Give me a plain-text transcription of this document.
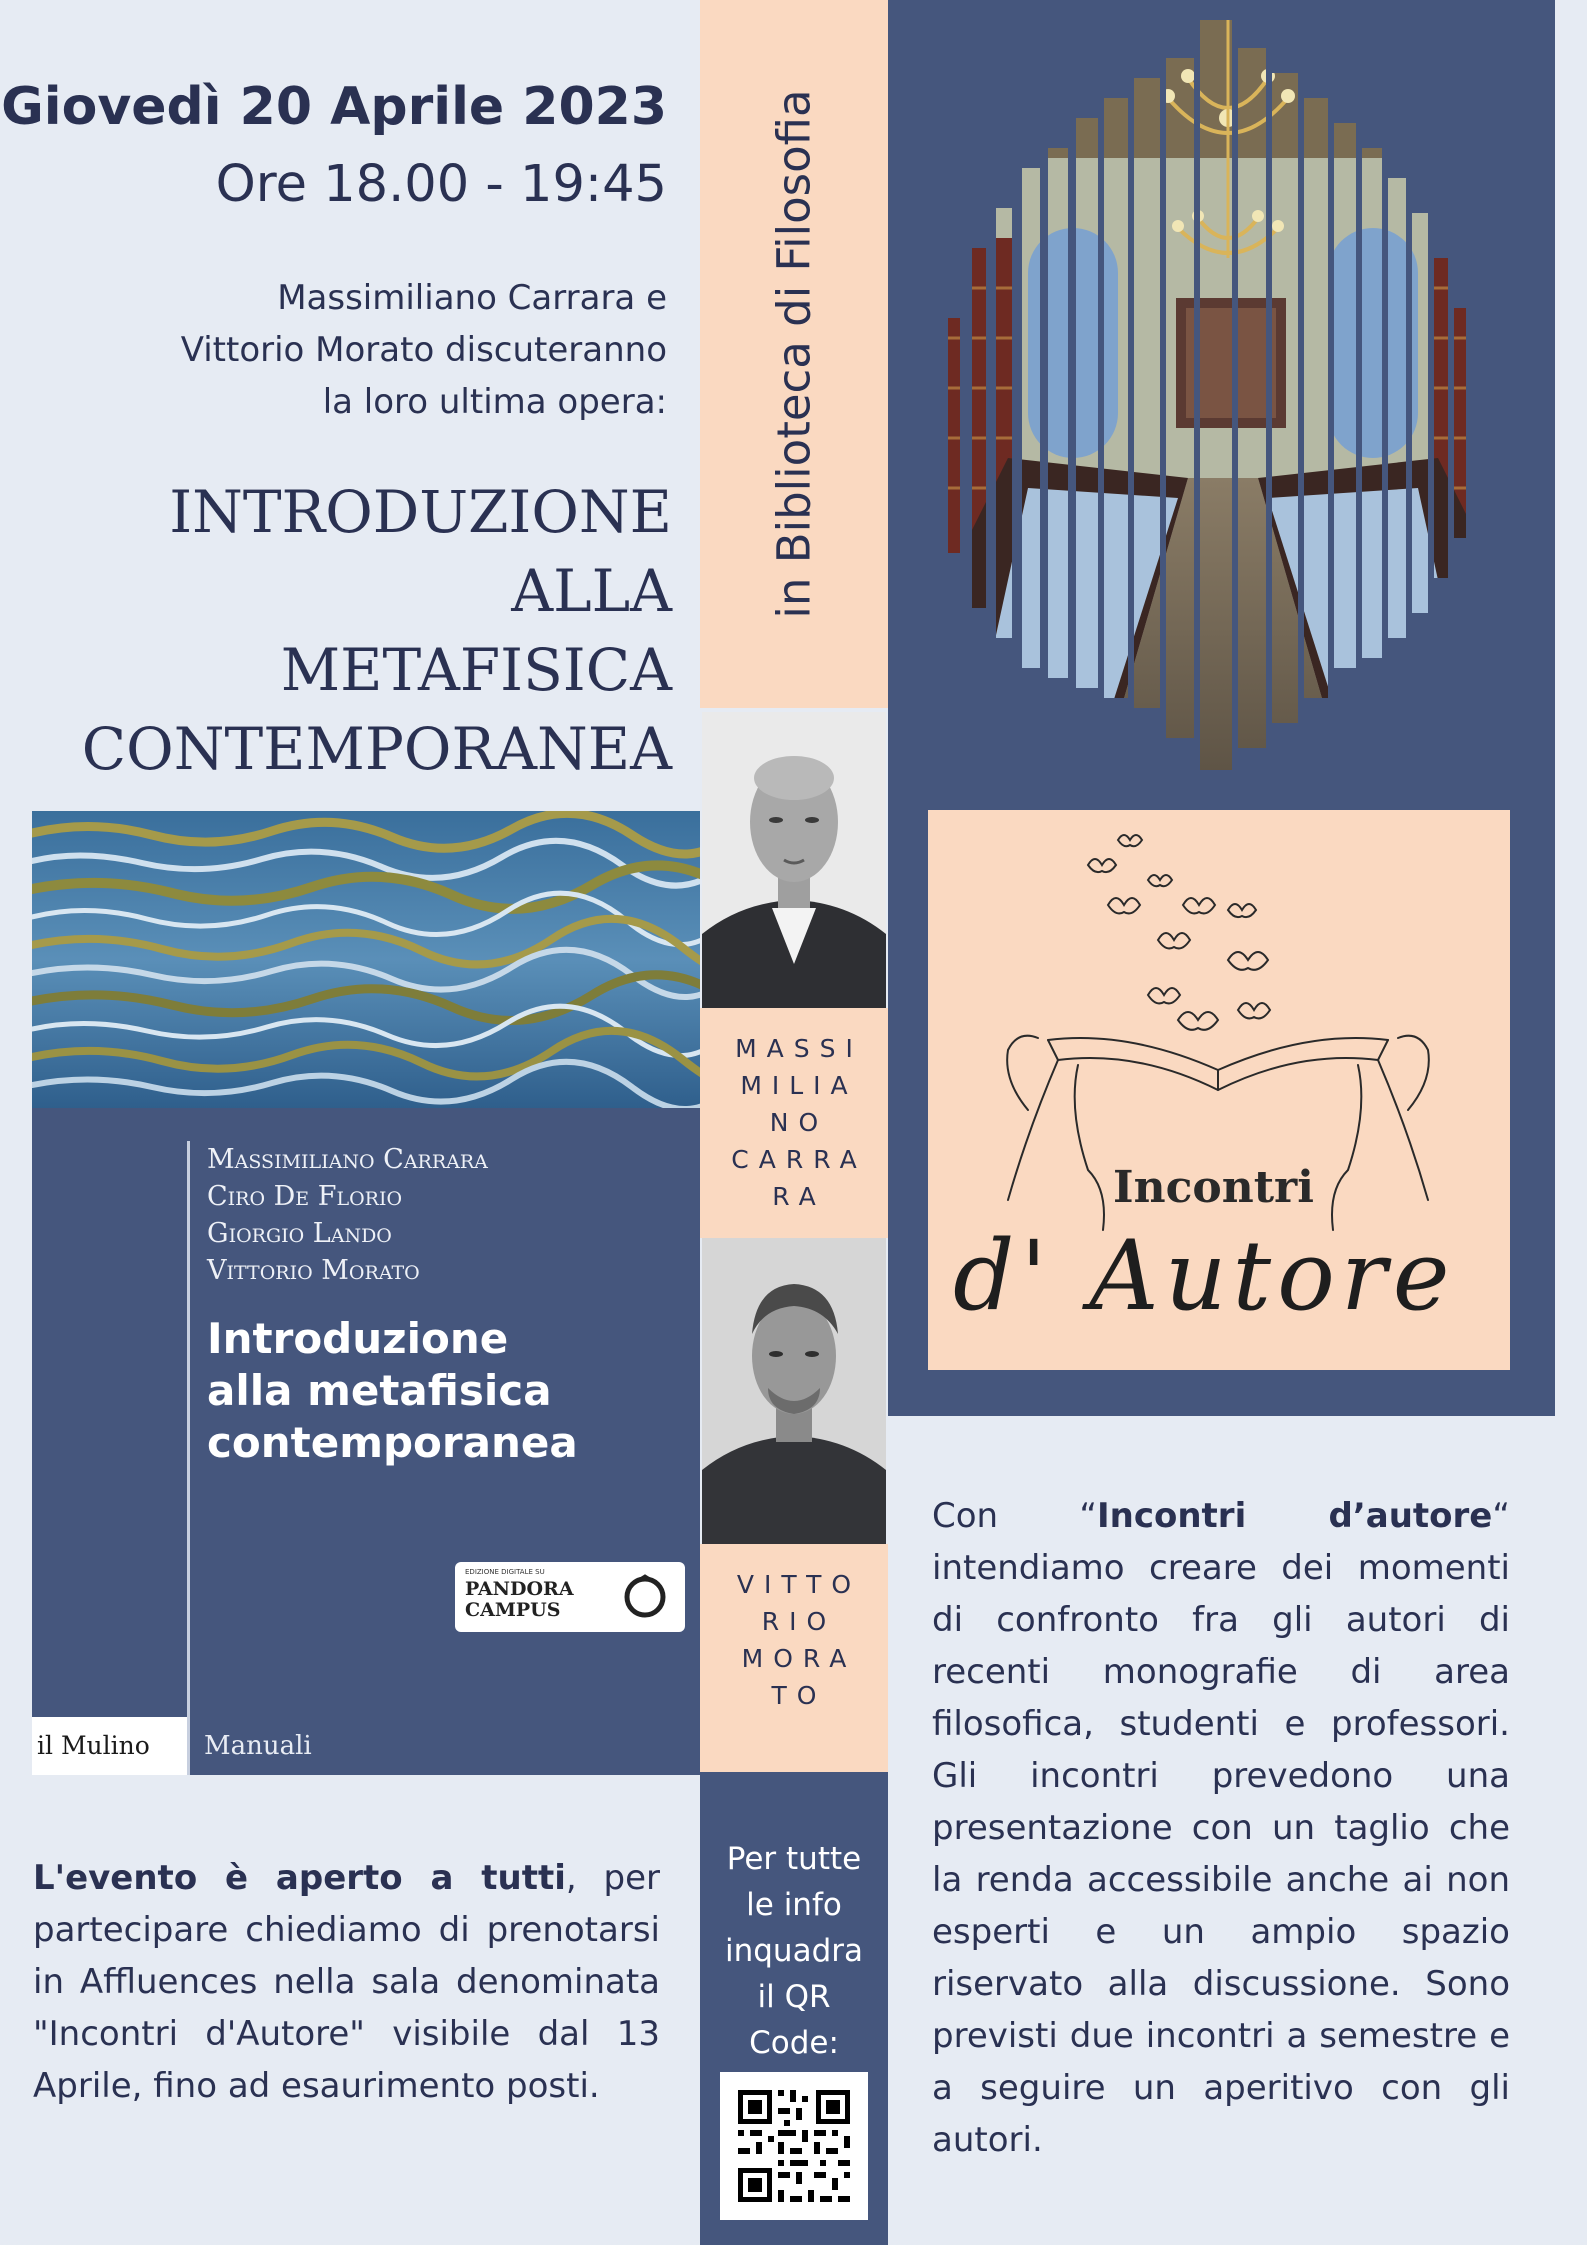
Giovedì 20 Aprile 2023
Ore 18.00 - 19:45
Massimiliano Carrara e
Vittorio Morato discuteranno
la loro ultima opera:
INTRODUZIONE ALLA
METAFISICA
CONTEMPORANEA
Massimiliano Carrara
Ciro De Florio
Giorgio Lando
Vittorio Morato
Introduzione
alla metafisica
contemporanea
EDIZIONE DIGITALE SU
PANDORA
CAMPUS
il Mulino Manuali
L'evento è aperto a tutti, per partecipare chiediamo di prenotarsi in Affluences nella sala denominata "Incontri d'Autore" visibile dal 13 Aprile, fino ad esaurimento posti.
in Biblioteca di Filosofia
MASSI
MILIA
NO
CARRA
RA
VITTO
RIO
MORA
TO
Per tutte
le info
inquadra
il QR
Code:
Incontri
d' Autore
Con “Incontri d’autore“ intendiamo creare dei momenti di confronto fra gli autori di recenti monografie di area filosofica, studenti e professori. Gli incontri prevedono una presentazione con un taglio che la renda accessibile anche ai non esperti e un ampio spazio riservato alla discussione. Sono previsti due incontri a semestre e a seguire un aperitivo con gli autori.
